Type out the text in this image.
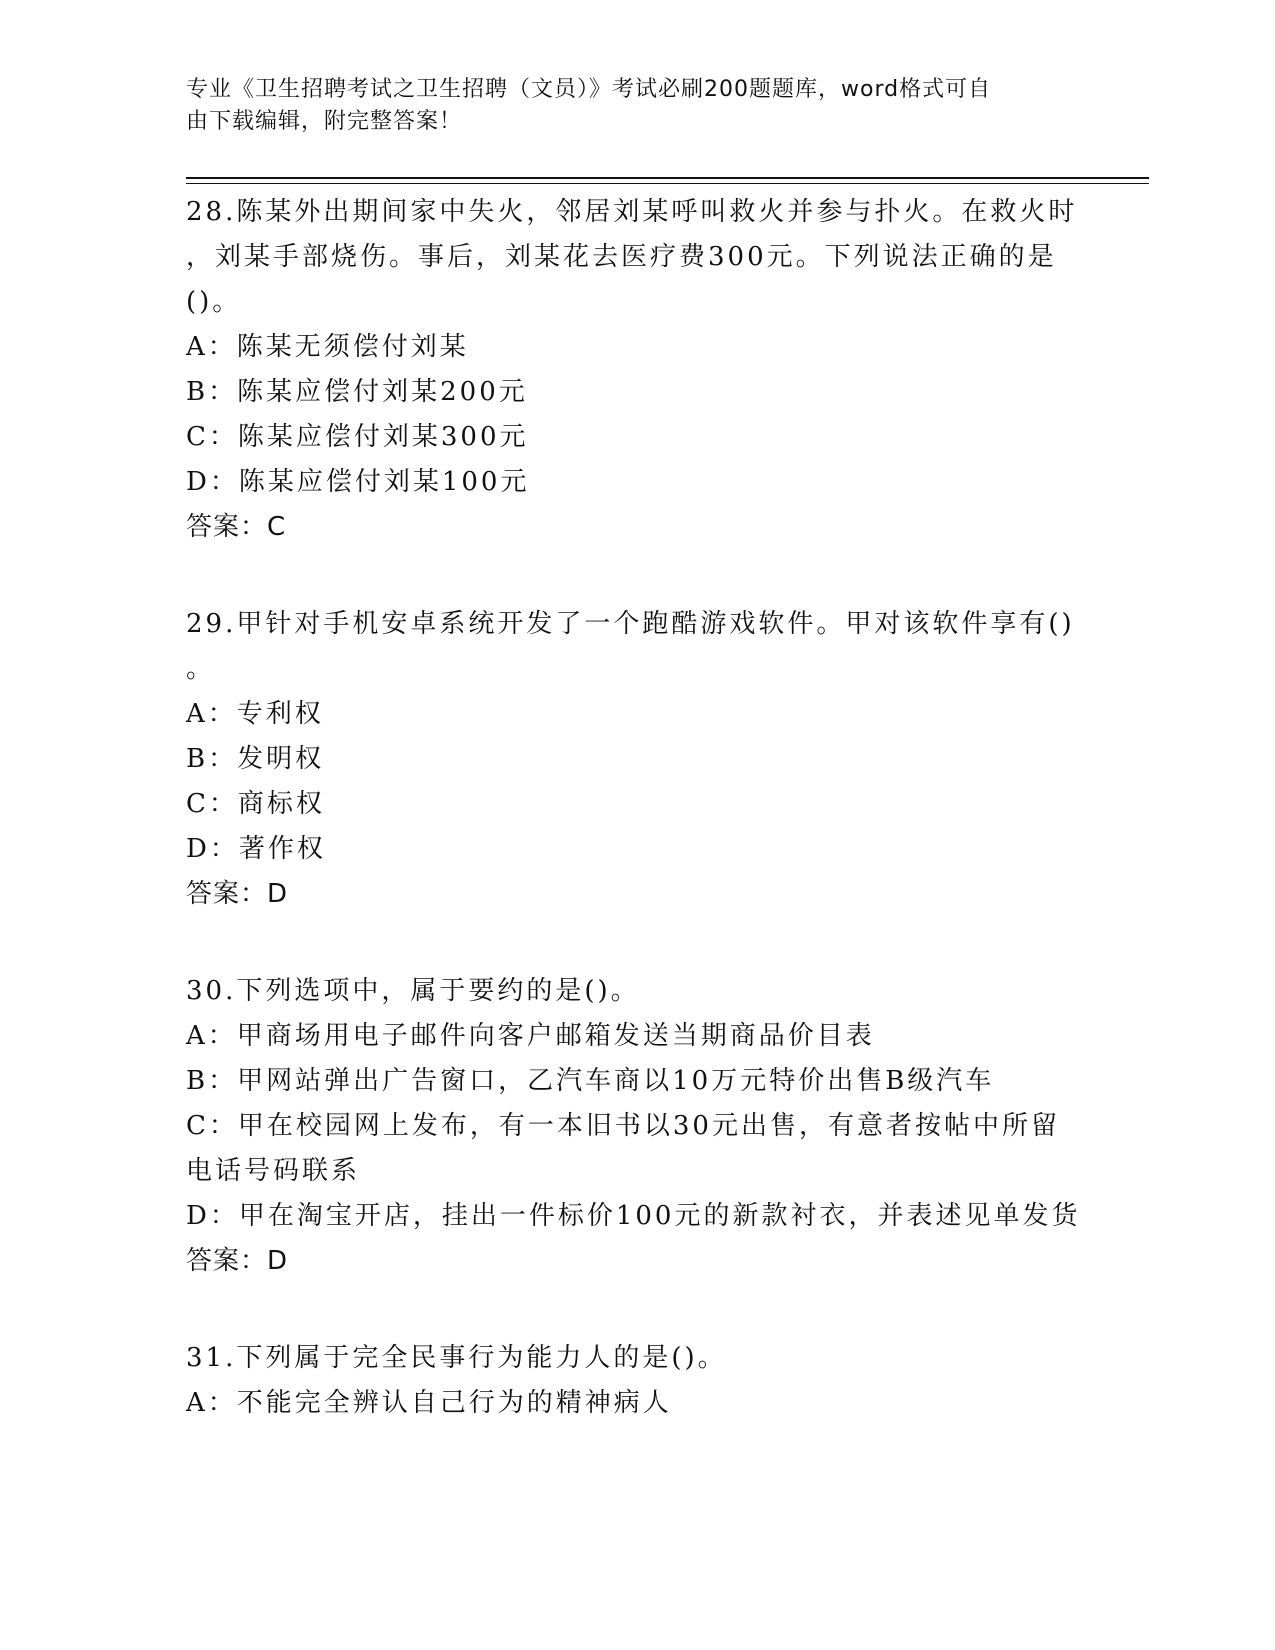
专业《卫生招聘考试之卫生招聘（文员）》考试必刷200题题库，word格式可自
由下载编辑，附完整答案！

28.陈某外出期间家中失火，邻居刘某呼叫救火并参与扑火。在救火时

，刘某手部烧伤。事后，刘某花去医疗费300元。下列说法正确的是

()。

A：陈某无须偿付刘某

B：陈某应偿付刘某200元

C：陈某应偿付刘某300元

D：陈某应偿付刘某100元

答案：C

29.甲针对手机安卓系统开发了一个跑酷游戏软件。甲对该软件享有()

。

A：专利权

B：发明权

C：商标权

D：著作权

答案：D

30.下列选项中，属于要约的是()。

A：甲商场用电子邮件向客户邮箱发送当期商品价目表

B：甲网站弹出广告窗口，乙汽车商以10万元特价出售B级汽车

C：甲在校园网上发布，有一本旧书以30元出售，有意者按帖中所留

电话号码联系

D：甲在淘宝开店，挂出一件标价100元的新款衬衣，并表述见单发货

答案：D

31.下列属于完全民事行为能力人的是()。

A：不能完全辨认自己行为的精神病人
